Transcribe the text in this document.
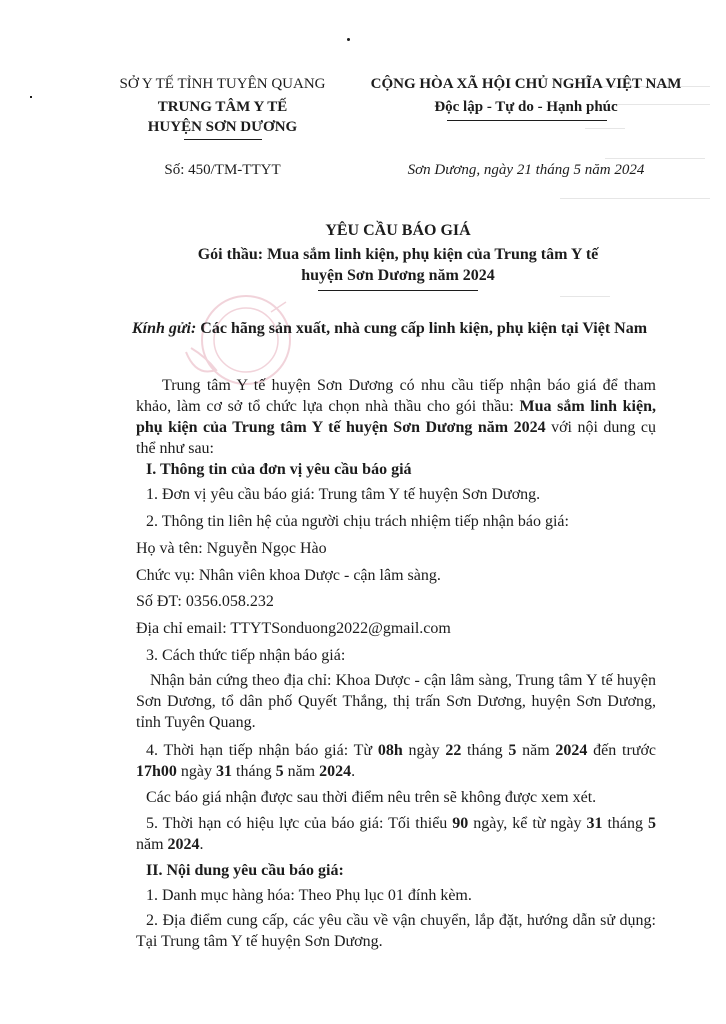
SỞ Y TẾ TỈNH TUYÊN QUANG
TRUNG TÂM Y TẾ
HUYỆN SƠN DƯƠNG
Số: 450/TM-TTYT
CỘNG HÒA XÃ HỘI CHỦ NGHĨA VIỆT NAM
Độc lập - Tự do - Hạnh phúc
Sơn Dương, ngày 21 tháng 5 năm 2024
YÊU CẦU BÁO GIÁ
Gói thầu: Mua sắm linh kiện, phụ kiện của Trung tâm Y tế
huyện Sơn Dương năm 2024
Kính gửi: Các hãng sản xuất, nhà cung cấp linh kiện, phụ kiện tại Việt Nam
Trung tâm Y tế huyện Sơn Dương có nhu cầu tiếp nhận báo giá để tham khảo, làm cơ sở tổ chức lựa chọn nhà thầu cho gói thầu: Mua sắm linh kiện, phụ kiện của Trung tâm Y tế huyện Sơn Dương năm 2024 với nội dung cụ thể như sau:
I. Thông tin của đơn vị yêu cầu báo giá
1. Đơn vị yêu cầu báo giá: Trung tâm Y tế huyện Sơn Dương.
2. Thông tin liên hệ của người chịu trách nhiệm tiếp nhận báo giá:
Họ và tên: Nguyễn Ngọc Hào
Chức vụ: Nhân viên khoa Dược - cận lâm sàng.
Số ĐT: 0356.058.232
Địa chỉ email: TTYTSonduong2022@gmail.com
3. Cách thức tiếp nhận báo giá:
Nhận bản cứng theo địa chỉ: Khoa Dược - cận lâm sàng, Trung tâm Y tế huyện Sơn Dương, tổ dân phố Quyết Thắng, thị trấn Sơn Dương, huyện Sơn Dương, tỉnh Tuyên Quang.
4. Thời hạn tiếp nhận báo giá: Từ 08h ngày 22 tháng 5 năm 2024 đến trước 17h00 ngày 31 tháng 5 năm 2024.
Các báo giá nhận được sau thời điểm nêu trên sẽ không được xem xét.
5. Thời hạn có hiệu lực của báo giá: Tối thiểu 90 ngày, kể từ ngày 31 tháng 5 năm 2024.
II. Nội dung yêu cầu báo giá:
1. Danh mục hàng hóa: Theo Phụ lục 01 đính kèm.
2. Địa điểm cung cấp, các yêu cầu về vận chuyển, lắp đặt, hướng dẫn sử dụng: Tại Trung tâm Y tế huyện Sơn Dương.
